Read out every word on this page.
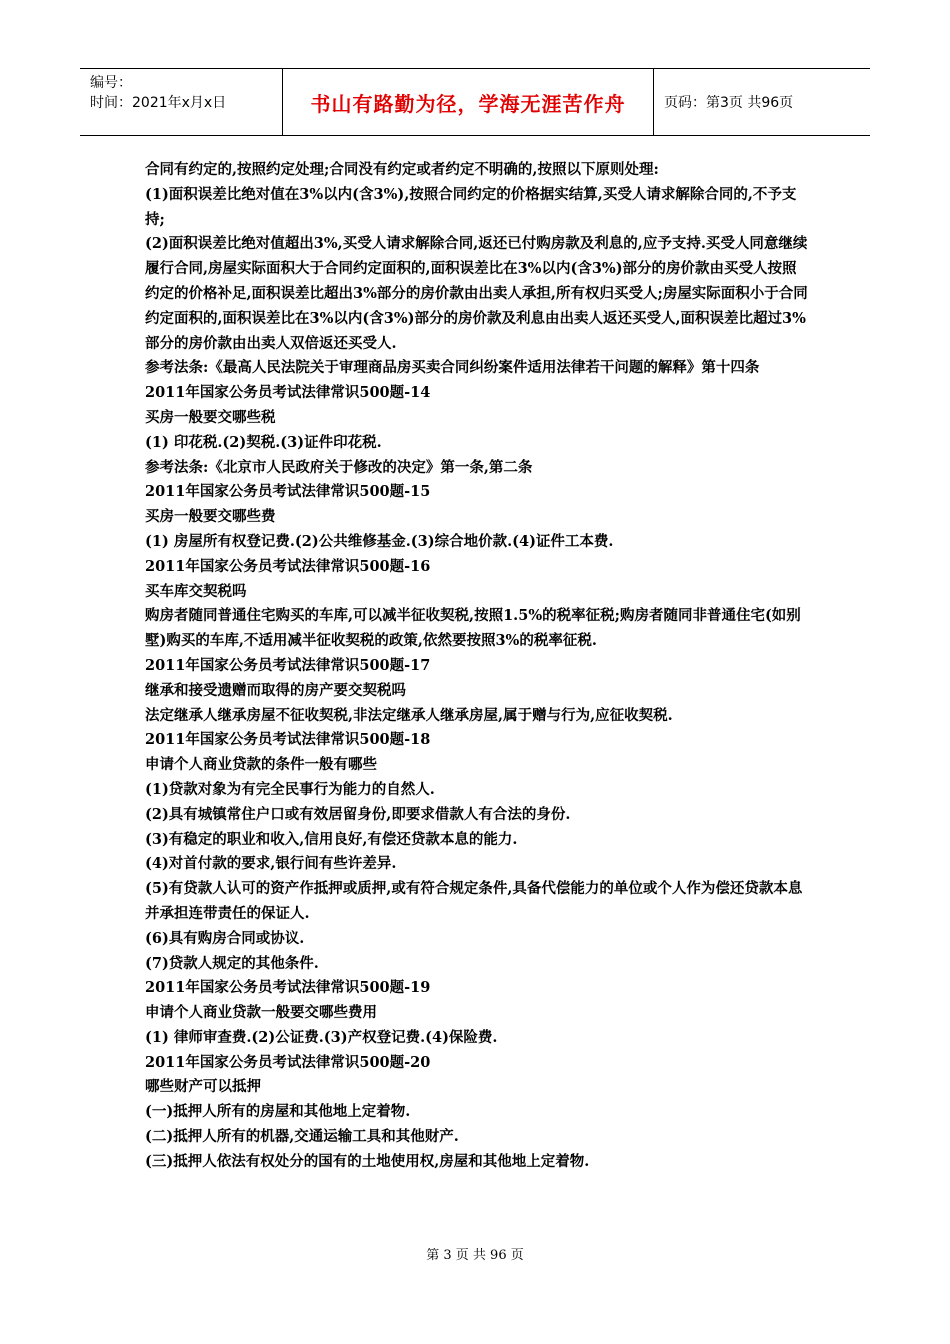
编号：
时间：2021年x月x日	书山有路勤为径，学海无涯苦作舟	页码：第3页 共96页

合同有约定的,按照约定处理;合同没有约定或者约定不明确的,按照以下原则处理:

(1)面积误差比绝对值在3%以内(含3%),按照合同约定的价格据实结算,买受人请求解除合同的,不予支持;

(2)面积误差比绝对值超出3%,买受人请求解除合同,返还已付购房款及利息的,应予支持.买受人同意继续履行合同,房屋实际面积大于合同约定面积的,面积误差比在3%以内(含3%)部分的房价款由买受人按照约定的价格补足,面积误差比超出3%部分的房价款由出卖人承担,所有权归买受人;房屋实际面积小于合同约定面积的,面积误差比在3%以内(含3%)部分的房价款及利息由出卖人返还买受人,面积误差比超过3%部分的房价款由出卖人双倍返还买受人.

参考法条:《最高人民法院关于审理商品房买卖合同纠纷案件适用法律若干问题的解释》第十四条

2011年国家公务员考试法律常识500题-14

买房一般要交哪些税

(1) 印花税.(2)契税.(3)证件印花税.

参考法条:《北京市人民政府关于修改的决定》第一条,第二条

2011年国家公务员考试法律常识500题-15

买房一般要交哪些费

(1) 房屋所有权登记费.(2)公共维修基金.(3)综合地价款.(4)证件工本费.

2011年国家公务员考试法律常识500题-16

买车库交契税吗

购房者随同普通住宅购买的车库,可以减半征收契税,按照1.5%的税率征税;购房者随同非普通住宅(如别墅)购买的车库,不适用减半征收契税的政策,依然要按照3%的税率征税.

2011年国家公务员考试法律常识500题-17

继承和接受遗赠而取得的房产要交契税吗

法定继承人继承房屋不征收契税,非法定继承人继承房屋,属于赠与行为,应征收契税.

2011年国家公务员考试法律常识500题-18

申请个人商业贷款的条件一般有哪些

(1)贷款对象为有完全民事行为能力的自然人.

(2)具有城镇常住户口或有效居留身份,即要求借款人有合法的身份.

(3)有稳定的职业和收入,信用良好,有偿还贷款本息的能力.

(4)对首付款的要求,银行间有些许差异.

(5)有贷款人认可的资产作抵押或质押,或有符合规定条件,具备代偿能力的单位或个人作为偿还贷款本息并承担连带责任的保证人.

(6)具有购房合同或协议.

(7)贷款人规定的其他条件.

2011年国家公务员考试法律常识500题-19

申请个人商业贷款一般要交哪些费用

(1) 律师审查费.(2)公证费.(3)产权登记费.(4)保险费.

2011年国家公务员考试法律常识500题-20

哪些财产可以抵押

(一)抵押人所有的房屋和其他地上定着物.

(二)抵押人所有的机器,交通运输工具和其他财产.

(三)抵押人依法有权处分的国有的土地使用权,房屋和其他地上定着物.

第 3 页 共 96 页
